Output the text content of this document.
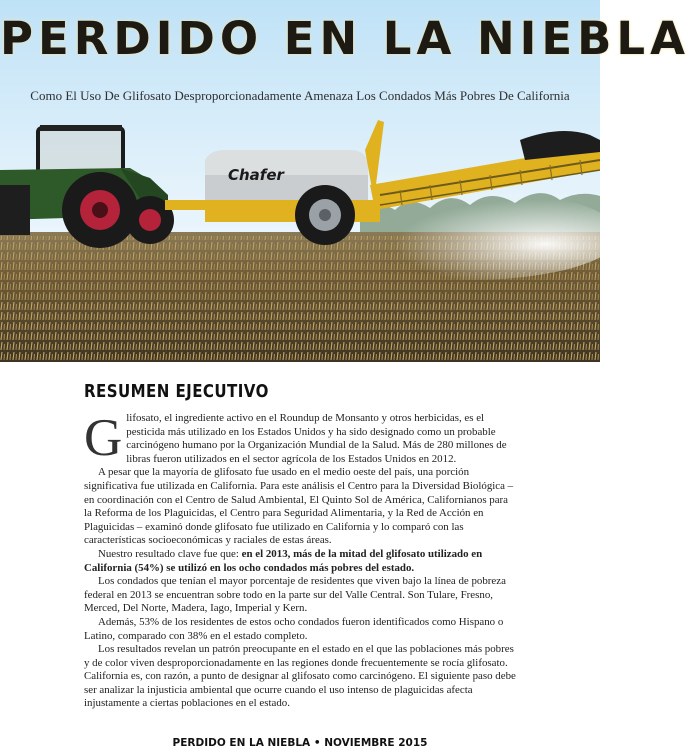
Chafer
PERDIDO EN LA NIEBLA
Como El Uso De Glifosato Desproporcionadamente Amenaza Los Condados Más Pobres De California
RESUMEN EJECUTIVO

Glifosato, el ingrediente activo en el Roundup de Monsanto y otros herbicidas, es el pesticida más utilizado en los Estados Unidos y ha sido designado como un probable carcinógeno humano por la Organización Mundial de la Salud. Más de 280 millones de libras fueron utilizados en el sector agrícola de los Estados Unidos en 2012.

A pesar que la mayoría de glifosato fue usado en el medio oeste del país, una porción significativa fue utilizada en California. Para este análisis el Centro para la Diversidad Biológica – en coordinación con el Centro de Salud Ambiental, El Quinto Sol de América, Californianos para la Reforma de los Plaguicidas, el Centro para Seguridad Alimentaria, y la Red de Acción en Plaguicidas – examinó donde glifosato fue utilizado en California y lo comparó con las características socioeconómicas y raciales de estas áreas.

Nuestro resultado clave fue que: en el 2013, más de la mitad del glifosato utilizado en California (54%) se utilizó en los ocho condados más pobres del estado.

Los condados que tenían el mayor porcentaje de residentes que viven bajo la línea de pobreza federal en 2013 se encuentran sobre todo en la parte sur del Valle Central. Son Tulare, Fresno, Merced, Del Norte, Madera, Iago, Imperial y Kern.

Además, 53% de los residentes de estos ocho condados fueron identificados como Hispano o Latino, comparado con 38% en el estado completo.

Los resultados revelan un patrón preocupante en el estado en el que las poblaciones más pobres y de color viven desproporcionadamente en las regiones donde frecuentemente se rocía glifosato. California es, con razón, a punto de designar al glifosato como carcinógeno. El siguiente paso debe ser analizar la injusticia ambiental que ocurre cuando el uso intenso de plaguicidas afecta injustamente a ciertas poblaciones en el estado.

PERDIDO EN LA NIEBLA • NOVIEMBRE 2015
